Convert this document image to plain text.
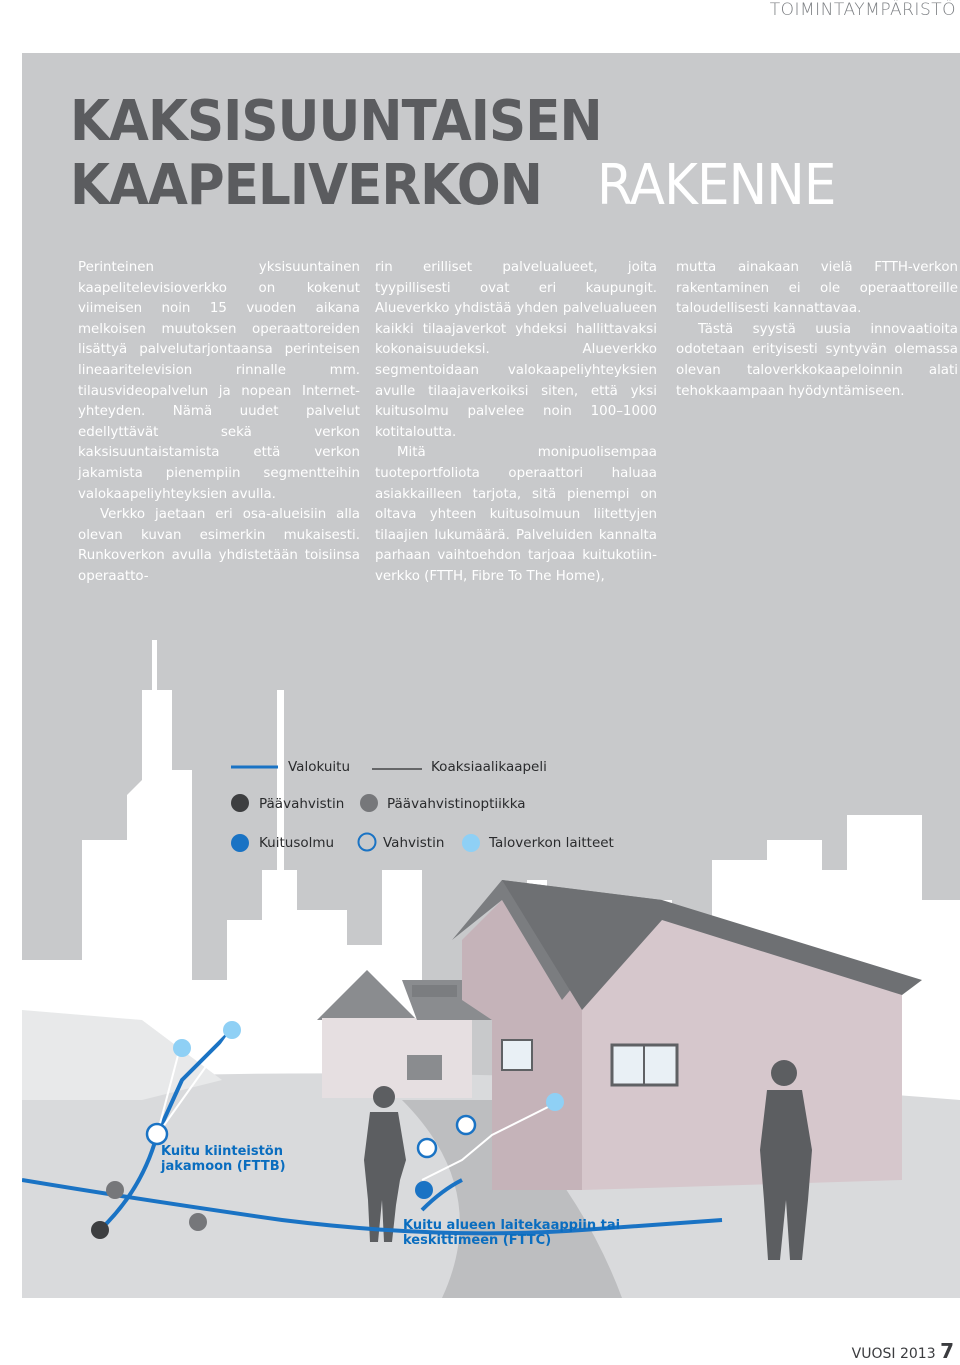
TOIMINTAYMPÄRISTÖ
KAKSISUUNTAISEN KAAPELIVERKON RAKENNE

Perinteinen yksisuuntainen kaapelitelevisioverkko on kokenut viimeisen noin 15 vuoden aikana melkoisen muutoksen operaattoreiden lisättyä palvelutarjontaansa perinteisen lineaaritelevision rinnalle mm. tilausvideopalvelun ja nopean Internet-yhteyden. Nämä uudet palvelut edellyttävät sekä verkon kaksisuuntaistamista että verkon jakamista pienempiin segmentteihin valokaapeliyhteyksien avulla.

Verkko jaetaan eri osa-alueisiin alla olevan kuvan esimerkin mukaisesti. Runkoverkon avulla yhdistetään toisiinsa operaatto-

rin erilliset palvelualueet, joita tyypillisesti ovat eri kaupungit. Alueverkko yhdistää yhden palvelualueen kaikki tilaajaverkot yhdeksi hallittavaksi kokonaisuudeksi. Alueverkko segmentoidaan valokaapeliyhteyksien avulle tilaajaverkoiksi siten, että yksi kuitusolmu palvelee noin 100–1000 kotitaloutta.

Mitä monipuolisempaa tuoteportfoliota operaattori haluaa asiakkailleen tarjota, sitä pienempi on oltava yhteen kuitusolmuun liitettyjen tilaajien lukumäärä. Palveluiden kannalta parhaan vaihtoehdon tarjoaa kuitukotiin-verkko (FTTH, Fibre To The Home),

mutta ainakaan vielä FTTH-verkon rakentaminen ei ole operaattoreille taloudellisesti kannattavaa.

Tästä syystä uusia innovaatioita odotetaan erityisesti syntyvän olemassa olevan taloverkkokaapeloinnin alati tehokkaampaan hyödyntämiseen.

Valokuitu	Koaksiaalikaapeli
Päävahvistin	Päävahvistinoptiikka
Kuitusolmu	Vahvistin	Taloverkon laitteet
Kuitu kiinteistön
jakamoon (FTTB)
Kuitu alueen laitekaappiin tai
keskittimeen (FTTC)
VUOSI 2013 7
